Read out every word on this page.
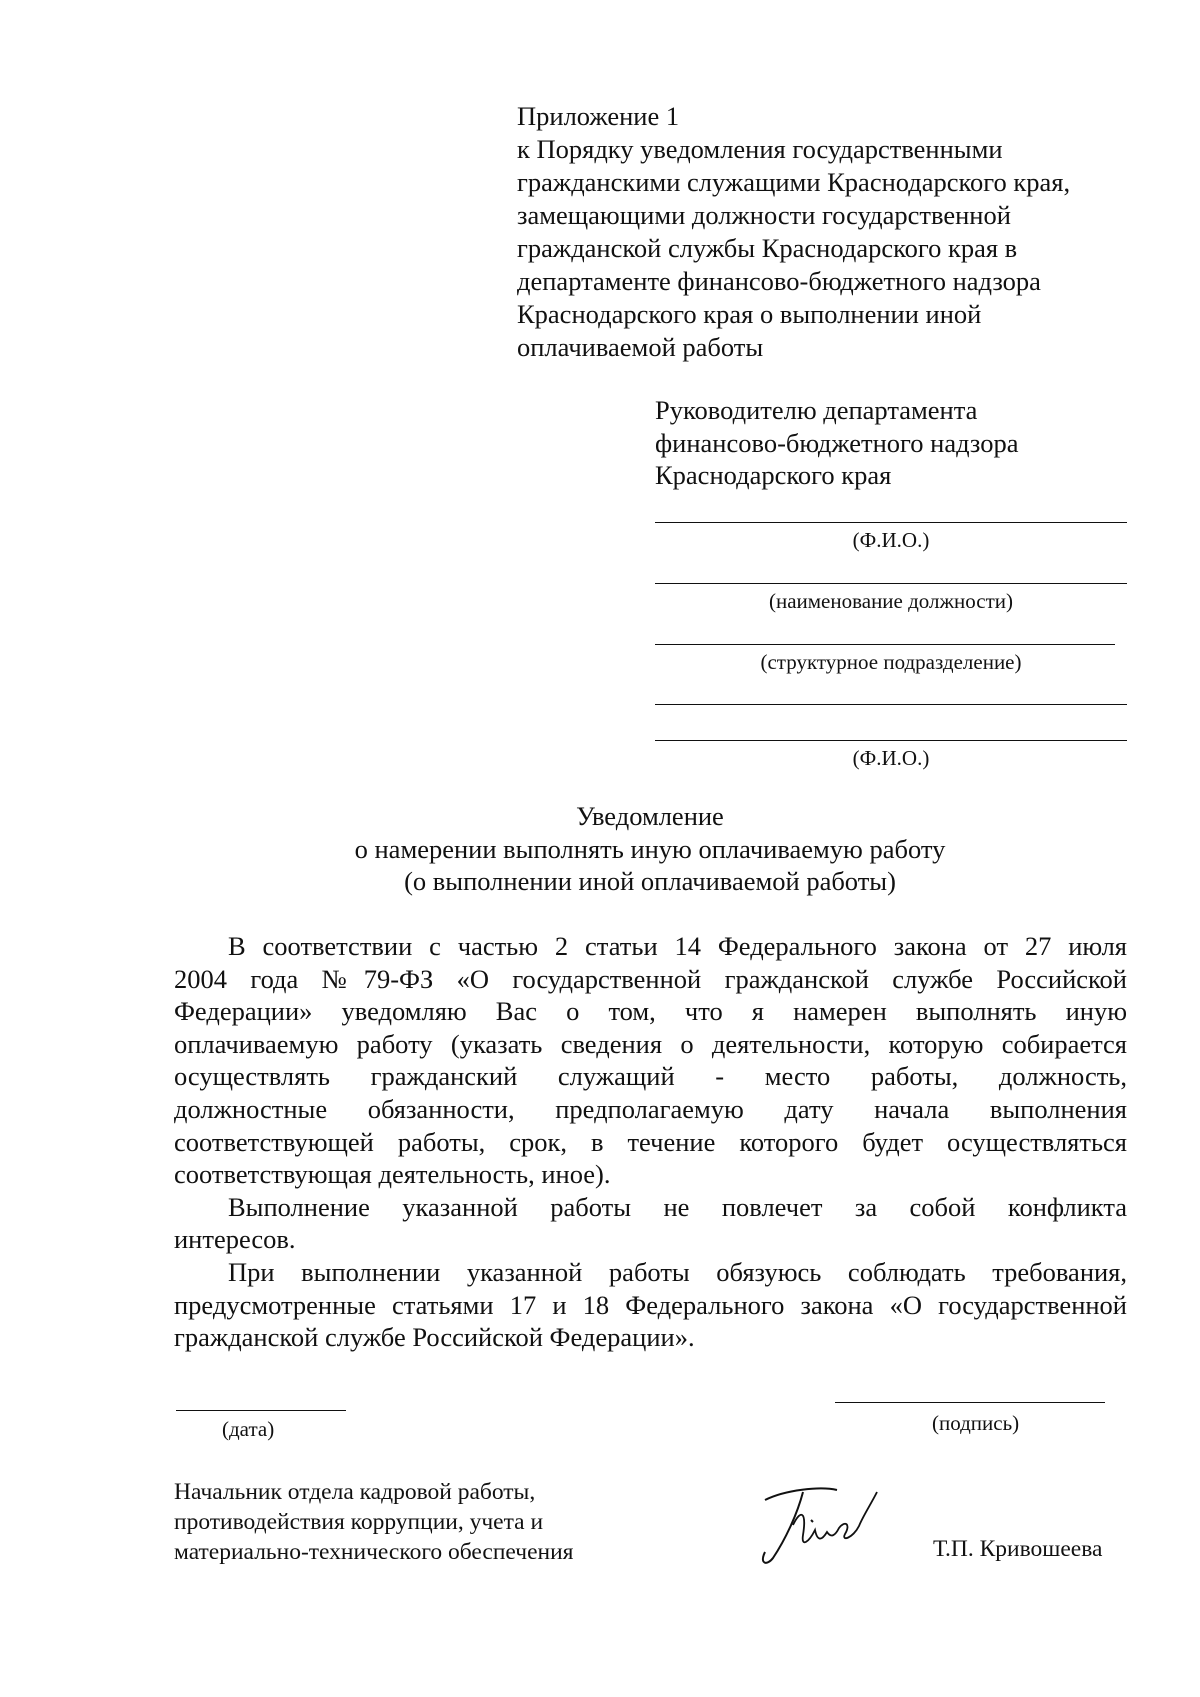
Приложение 1
к Порядку уведомления государственными
гражданскими служащими Краснодарского края,
замещающими должности государственной
гражданской службы Краснодарского края в
департаменте финансово-бюджетного надзора
Краснодарского края о выполнении иной
оплачиваемой работы
Руководителю департамента
финансово-бюджетного надзора
Краснодарского края
(Ф.И.О.)
(наименование должности)
(структурное подразделение)
(Ф.И.О.)
Уведомление
о намерении выполнять иную оплачиваемую работу
(о выполнении иной оплачиваемой работы)
В соответствии с частью 2 статьи 14 Федерального закона от 27 июля
2004 года №79-ФЗ «О государственной гражданской службе Российской
Федерации» уведомляю Вас о том, что я намерен выполнять иную
оплачиваемую работу (указать сведения о деятельности, которую собирается
осуществлять гражданский служащий - место работы, должность,
должностные обязанности, предполагаемую дату начала выполнения
соответствующей работы, срок, в течение которого будет осуществляться
соответствующая деятельность, иное).
Выполнение указанной работы не повлечет за собой конфликта
интересов.
При выполнении указанной работы обязуюсь соблюдать требования,
предусмотренные статьями 17 и 18 Федерального закона «О государственной
гражданской службе Российской Федерации».
(дата)	(подпись)
Начальник отдела кадровой работы,
противодействия коррупции, учета и
материально-технического обеспечения	Т.П. Кривошеева
